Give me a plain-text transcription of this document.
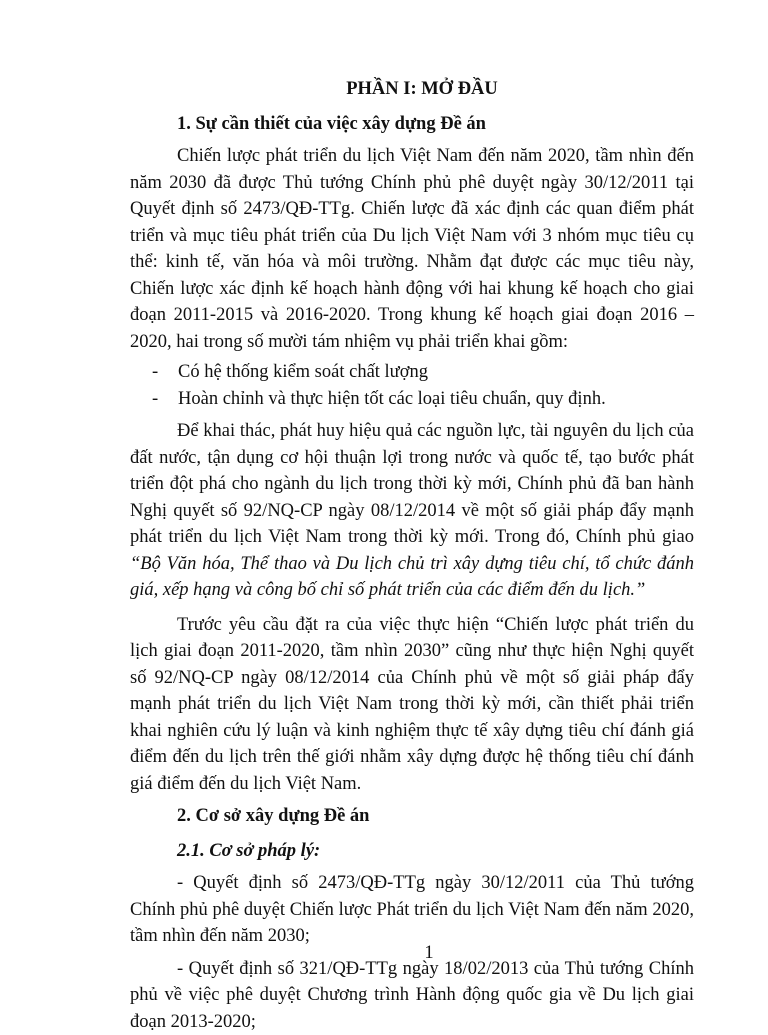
PHẦN I: MỞ ĐẦU

1. Sự cần thiết của việc xây dựng Đề án

Chiến lược phát triển du lịch Việt Nam đến năm 2020, tầm nhìn đến năm 2030 đã được Thủ tướng Chính phủ phê duyệt ngày 30/12/2011 tại Quyết định số 2473/QĐ-TTg. Chiến lược đã xác định các quan điểm phát triển và mục tiêu phát triển của Du lịch Việt Nam với 3 nhóm mục tiêu cụ thể: kinh tế, văn hóa và môi trường. Nhằm đạt được các mục tiêu này, Chiến lược xác định kế hoạch hành động với hai khung kế hoạch cho giai đoạn 2011-2015 và 2016-2020. Trong khung kế hoạch giai đoạn 2016 – 2020, hai trong số mười tám nhiệm vụ phải triển khai gồm:

- Có hệ thống kiểm soát chất lượng
- Hoàn chỉnh và thực hiện tốt các loại tiêu chuẩn, quy định.

Để khai thác, phát huy hiệu quả các nguồn lực, tài nguyên du lịch của đất nước, tận dụng cơ hội thuận lợi trong nước và quốc tế, tạo bước phát triển đột phá cho ngành du lịch trong thời kỳ mới, Chính phủ đã ban hành Nghị quyết số 92/NQ-CP ngày 08/12/2014 về một số giải pháp đẩy mạnh phát triển du lịch Việt Nam trong thời kỳ mới. Trong đó, Chính phủ giao “Bộ Văn hóa, Thể thao và Du lịch chủ trì xây dựng tiêu chí, tổ chức đánh giá, xếp hạng và công bố chỉ số phát triển của các điểm đến du lịch.”

Trước yêu cầu đặt ra của việc thực hiện “Chiến lược phát triển du lịch giai đoạn 2011-2020, tầm nhìn 2030” cũng như thực hiện Nghị quyết số 92/NQ-CP ngày 08/12/2014 của Chính phủ về một số giải pháp đẩy mạnh phát triển du lịch Việt Nam trong thời kỳ mới, cần thiết phải triển khai nghiên cứu lý luận và kinh nghiệm thực tế xây dựng tiêu chí đánh giá điểm đến du lịch trên thế giới nhằm xây dựng được hệ thống tiêu chí đánh giá điểm đến du lịch Việt Nam.

2. Cơ sở xây dựng Đề án

2.1. Cơ sở pháp lý:

- Quyết định số 2473/QĐ-TTg ngày 30/12/2011 của Thủ tướng Chính phủ phê duyệt Chiến lược Phát triển du lịch Việt Nam đến năm 2020, tầm nhìn đến năm 2030;

- Quyết định số 321/QĐ-TTg ngày 18/02/2013 của Thủ tướng Chính phủ về việc phê duyệt Chương trình Hành động quốc gia về Du lịch giai đoạn 2013-2020;

1
